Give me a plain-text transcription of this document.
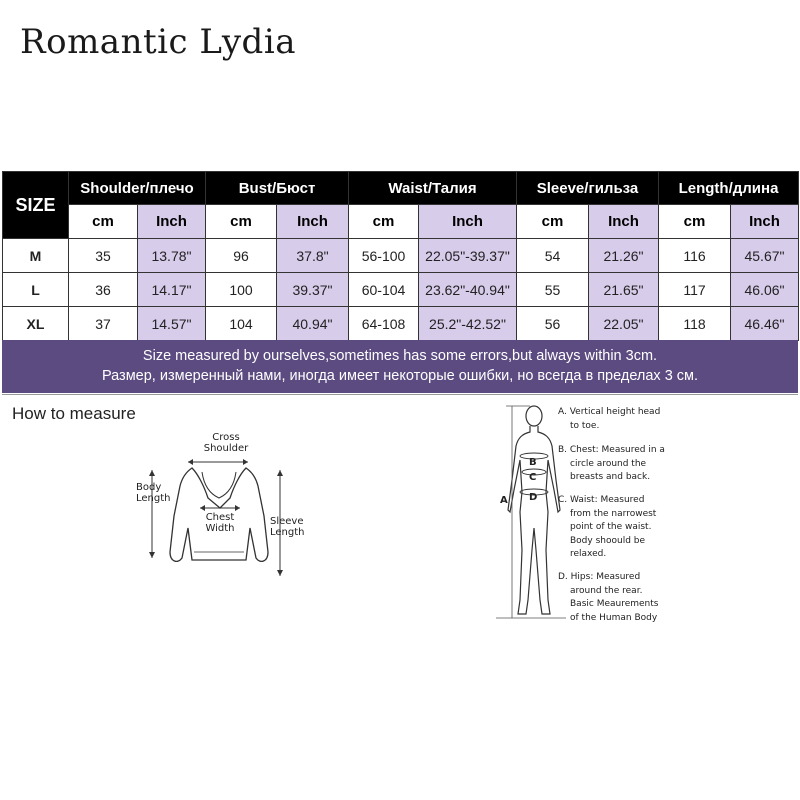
Romantic Lydia
SIZE	Shoulder/плечо		Bust/Бюст		Waist/Талия		Sleeve/гильза		Length/длина	
	cm	Inch	cm	Inch	cm	Inch	cm	Inch	cm	Inch
M	35	13.78"	96	37.8"	56-100	22.05"-39.37"	54	21.26"	116	45.67"
L	36	14.17"	100	39.37"	60-104	23.62"-40.94"	55	21.65"	117	46.06"
XL	37	14.57"	104	40.94"	64-108	25.2"-42.52"	56	22.05"	118	46.46"
Size measured by ourselves,sometimes has some errors,but always within 3cm.
Размер, измеренный нами, иногда имеет некоторые ошибки, но всегда в пределах 3 см.
How to measure
Cross
Shoulder
Body
Length
Chest
Width
Sleeve
Length
A
B
C
D
A. Vertical height head
to toe.
B. Chest: Measured in a
circle around the
breasts and back.
C. Waist: Measured
from the narrowest
point of the waist.
Body shoould be
relaxed.
D. Hips: Measured
around the rear.
Basic Meaurements
of the Human Body
